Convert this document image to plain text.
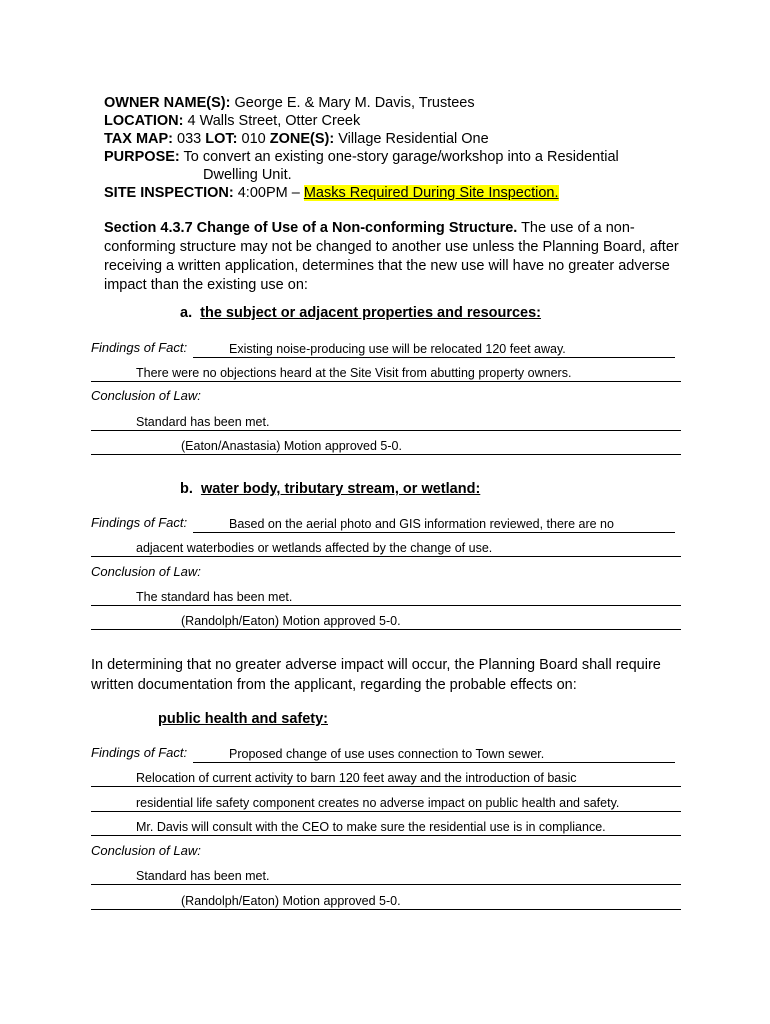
OWNER NAME(S): George E. & Mary M. Davis, Trustees
LOCATION: 4 Walls Street, Otter Creek
TAX MAP: 033 LOT: 010 ZONE(S): Village Residential One
PURPOSE: To convert an existing one-story garage/workshop into a Residential
Dwelling Unit.
SITE INSPECTION: 4:00PM – Masks Required During Site Inspection.
Section 4.3.7 Change of Use of a Non-conforming Structure. The use of a non-conforming structure may not be changed to another use unless the Planning Board, after receiving a written application, determines that the new use will have no greater adverse impact than the existing use on:
a. the subject or adjacent properties and resources:
Findings of Fact:	Existing noise-producing use will be relocated 120 feet away.
There were no objections heard at the Site Visit from abutting property owners.
Conclusion of Law:
Standard has been met.
(Eaton/Anastasia) Motion approved 5-0.
b. water body, tributary stream, or wetland:
Findings of Fact:	Based on the aerial photo and GIS information reviewed, there are no
adjacent waterbodies or wetlands affected by the change of use.
Conclusion of Law:
The standard has been met.
(Randolph/Eaton) Motion approved 5-0.
In determining that no greater adverse impact will occur, the Planning Board shall require written documentation from the applicant, regarding the probable effects on:
public health and safety:
Findings of Fact:	Proposed change of use uses connection to Town sewer.
Relocation of current activity to barn 120 feet away and the introduction of basic
residential life safety component creates no adverse impact on public health and safety.
Mr. Davis will consult with the CEO to make sure the residential use is in compliance.
Conclusion of Law:
Standard has been met.
(Randolph/Eaton) Motion approved 5-0.
